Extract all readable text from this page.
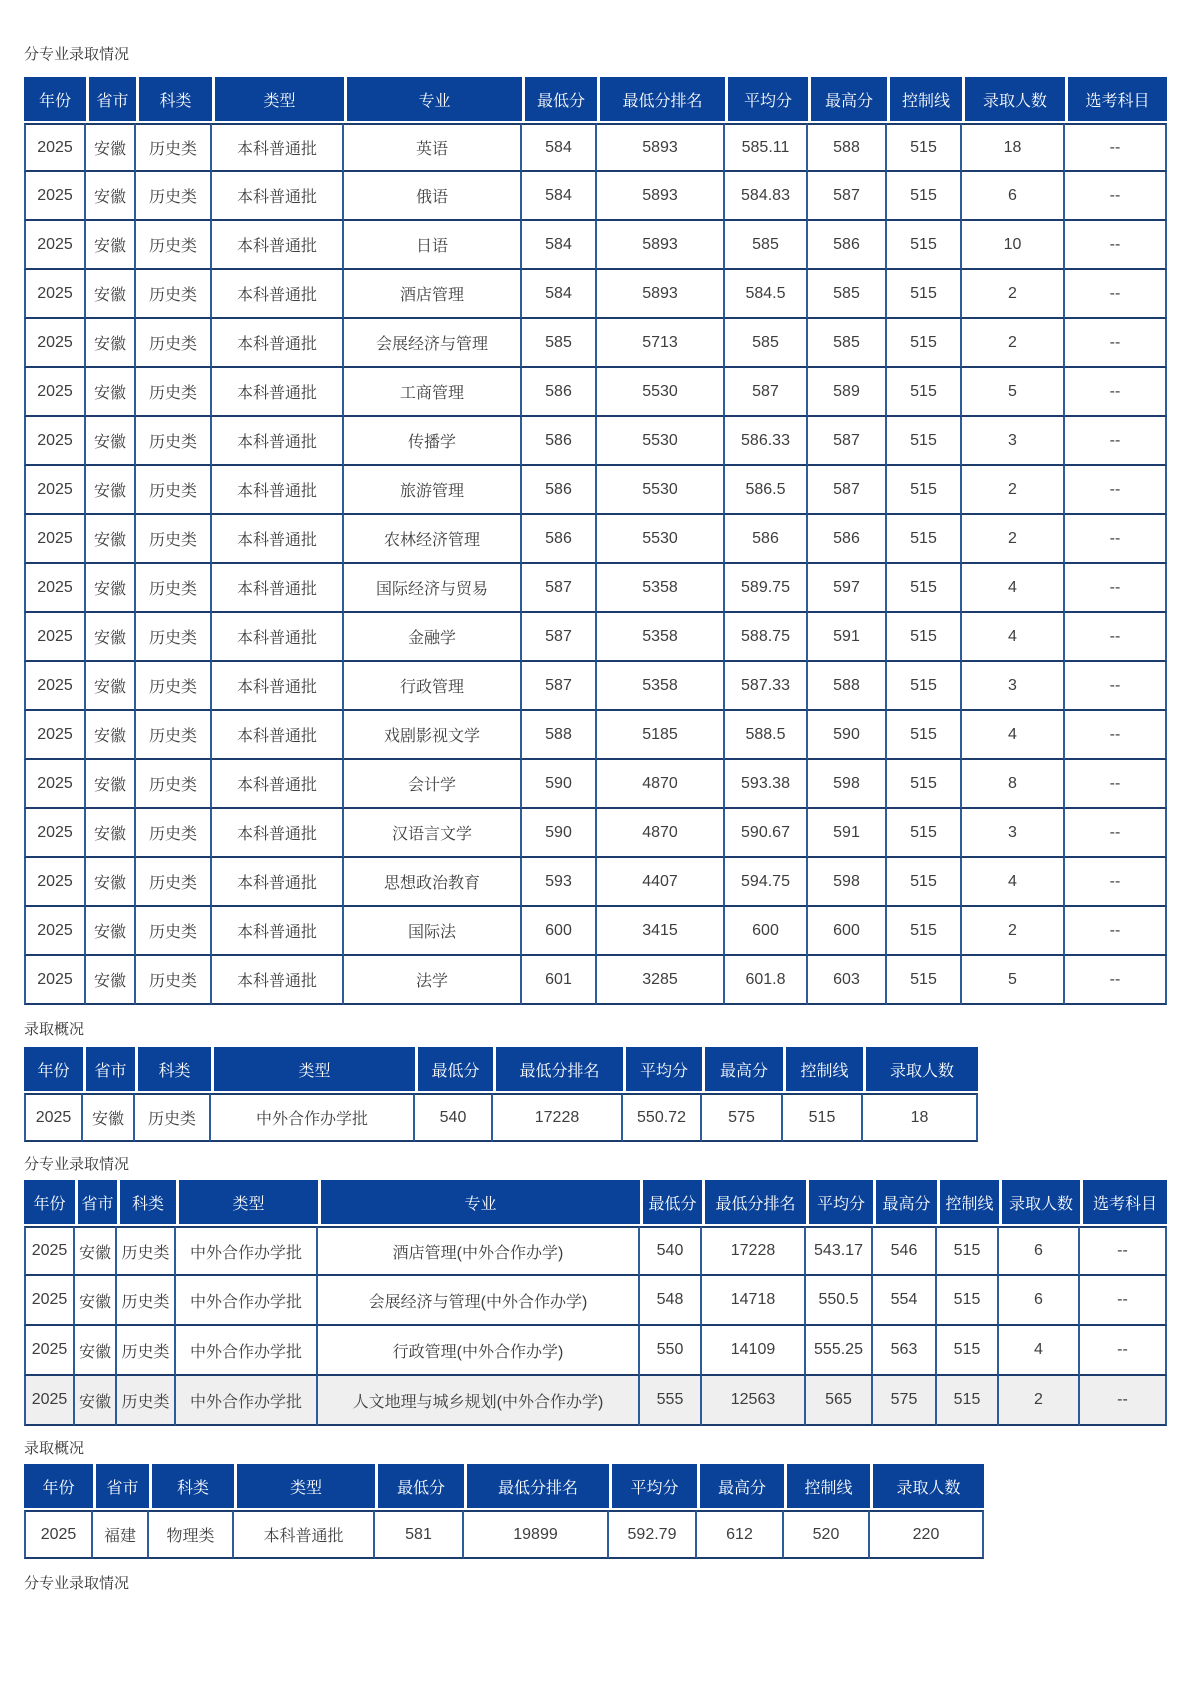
分专业录取情况
年份	省市	科类	类型	专业	最低分	最低分排名	平均分	最高分	控制线	录取人数	选考科目
2025	安徽	历史类	本科普通批	英语	584	5893	585.11	588	515	18	--
2025	安徽	历史类	本科普通批	俄语	584	5893	584.83	587	515	6	--
2025	安徽	历史类	本科普通批	日语	584	5893	585	586	515	10	--
2025	安徽	历史类	本科普通批	酒店管理	584	5893	584.5	585	515	2	--
2025	安徽	历史类	本科普通批	会展经济与管理	585	5713	585	585	515	2	--
2025	安徽	历史类	本科普通批	工商管理	586	5530	587	589	515	5	--
2025	安徽	历史类	本科普通批	传播学	586	5530	586.33	587	515	3	--
2025	安徽	历史类	本科普通批	旅游管理	586	5530	586.5	587	515	2	--
2025	安徽	历史类	本科普通批	农林经济管理	586	5530	586	586	515	2	--
2025	安徽	历史类	本科普通批	国际经济与贸易	587	5358	589.75	597	515	4	--
2025	安徽	历史类	本科普通批	金融学	587	5358	588.75	591	515	4	--
2025	安徽	历史类	本科普通批	行政管理	587	5358	587.33	588	515	3	--
2025	安徽	历史类	本科普通批	戏剧影视文学	588	5185	588.5	590	515	4	--
2025	安徽	历史类	本科普通批	会计学	590	4870	593.38	598	515	8	--
2025	安徽	历史类	本科普通批	汉语言文学	590	4870	590.67	591	515	3	--
2025	安徽	历史类	本科普通批	思想政治教育	593	4407	594.75	598	515	4	--
2025	安徽	历史类	本科普通批	国际法	600	3415	600	600	515	2	--
2025	安徽	历史类	本科普通批	法学	601	3285	601.8	603	515	5	--
录取概况
年份	省市	科类	类型	最低分	最低分排名	平均分	最高分	控制线	录取人数
2025	安徽	历史类	中外合作办学批	540	17228	550.72	575	515	18
分专业录取情况
年份	省市	科类	类型	专业	最低分	最低分排名	平均分	最高分	控制线	录取人数	选考科目
2025	安徽	历史类	中外合作办学批	酒店管理(中外合作办学)	540	17228	543.17	546	515	6	--
2025	安徽	历史类	中外合作办学批	会展经济与管理(中外合作办学)	548	14718	550.5	554	515	6	--
2025	安徽	历史类	中外合作办学批	行政管理(中外合作办学)	550	14109	555.25	563	515	4	--
2025	安徽	历史类	中外合作办学批	人文地理与城乡规划(中外合作办学)	555	12563	565	575	515	2	--
录取概况
年份	省市	科类	类型	最低分	最低分排名	平均分	最高分	控制线	录取人数
2025	福建	物理类	本科普通批	581	19899	592.79	612	520	220
分专业录取情况
